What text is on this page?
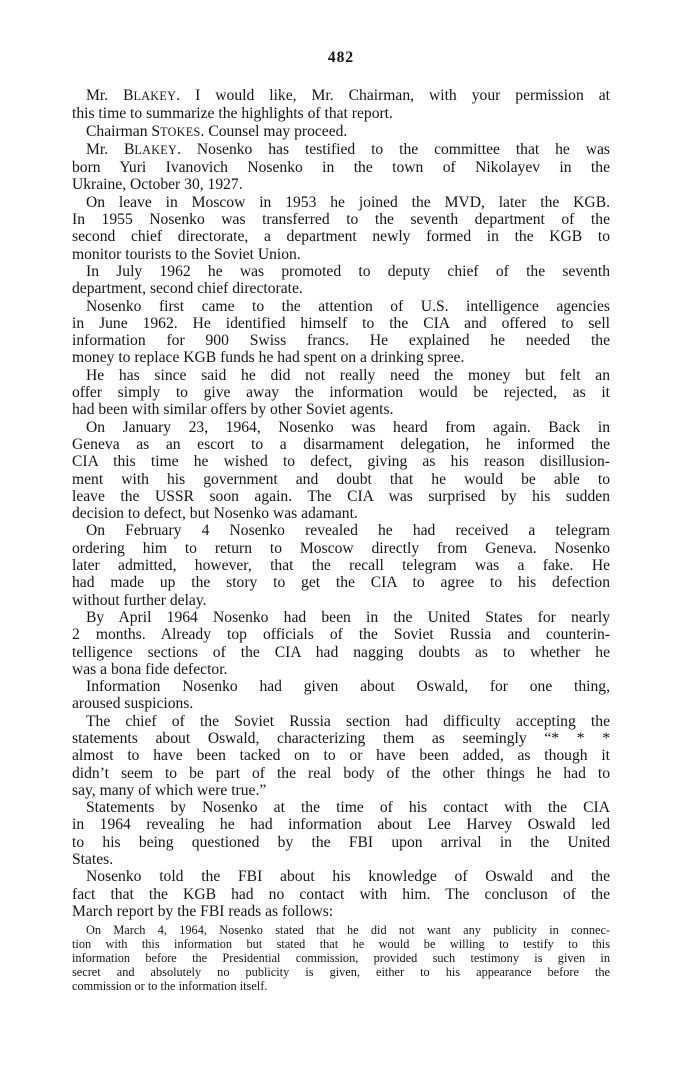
482
Mr. BLAKEY. I would like, Mr. Chairman, with your permission at
this time to summarize the highlights of that report.
Chairman STOKES. Counsel may proceed.
Mr. BLAKEY. Nosenko has testified to the committee that he was
born Yuri Ivanovich Nosenko in the town of Nikolayev in the
Ukraine, October 30, 1927.
On leave in Moscow in 1953 he joined the MVD, later the KGB.
In 1955 Nosenko was transferred to the seventh department of the
second chief directorate, a department newly formed in the KGB to
monitor tourists to the Soviet Union.
In July 1962 he was promoted to deputy chief of the seventh
department, second chief directorate.
Nosenko first came to the attention of U.S. intelligence agencies
in June 1962. He identified himself to the CIA and offered to sell
information for 900 Swiss francs. He explained he needed the
money to replace KGB funds he had spent on a drinking spree.
He has since said he did not really need the money but felt an
offer simply to give away the information would be rejected, as it
had been with similar offers by other Soviet agents.
On January 23, 1964, Nosenko was heard from again. Back in
Geneva as an escort to a disarmament delegation, he informed the
CIA this time he wished to defect, giving as his reason disillusion-
ment with his government and doubt that he would be able to
leave the USSR soon again. The CIA was surprised by his sudden
decision to defect, but Nosenko was adamant.
On February 4 Nosenko revealed he had received a telegram
ordering him to return to Moscow directly from Geneva. Nosenko
later admitted, however, that the recall telegram was a fake. He
had made up the story to get the CIA to agree to his defection
without further delay.
By April 1964 Nosenko had been in the United States for nearly
2 months. Already top officials of the Soviet Russia and counterin-
telligence sections of the CIA had nagging doubts as to whether he
was a bona fide defector.
Information Nosenko had given about Oswald, for one thing,
aroused suspicions.
The chief of the Soviet Russia section had difficulty accepting the
statements about Oswald, characterizing them as seemingly “* * *
almost to have been tacked on to or have been added, as though it
didn’t seem to be part of the real body of the other things he had to
say, many of which were true.”
Statements by Nosenko at the time of his contact with the CIA
in 1964 revealing he had information about Lee Harvey Oswald led
to his being questioned by the FBI upon arrival in the United
States.
Nosenko told the FBI about his knowledge of Oswald and the
fact that the KGB had no contact with him. The concluson of the
March report by the FBI reads as follows:
On March 4, 1964, Nosenko stated that he did not want any publicity in connec-
tion with this information but stated that he would be willing to testify to this
information before the Presidential commission, provided such testimony is given in
secret and absolutely no publicity is given, either to his appearance before the
commission or to the information itself.
